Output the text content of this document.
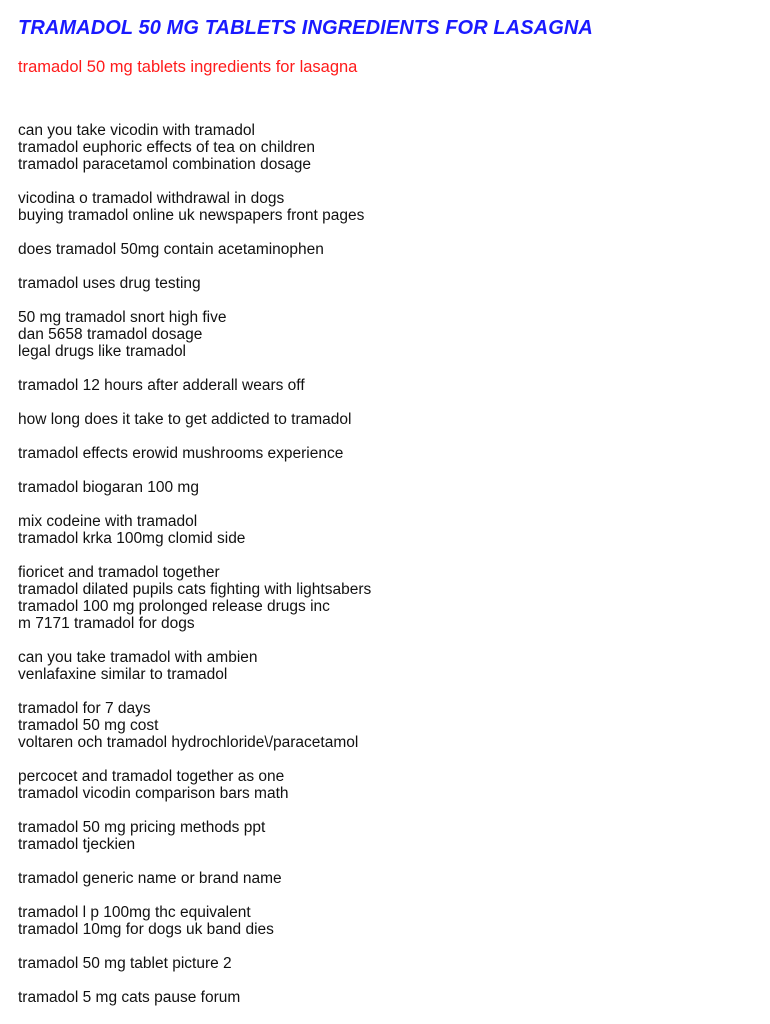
TRAMADOL 50 MG TABLETS INGREDIENTS FOR LASAGNA

tramadol 50 mg tablets ingredients for lasagna

can you take vicodin with tramadol
tramadol euphoric effects of tea on children
tramadol paracetamol combination dosage
vicodina o tramadol withdrawal in dogs
buying tramadol online uk newspapers front pages
does tramadol 50mg contain acetaminophen
tramadol uses drug testing
50 mg tramadol snort high five
dan 5658 tramadol dosage
legal drugs like tramadol
tramadol 12 hours after adderall wears off
how long does it take to get addicted to tramadol
tramadol effects erowid mushrooms experience
tramadol biogaran 100 mg
mix codeine with tramadol
tramadol krka 100mg clomid side
fioricet and tramadol together
tramadol dilated pupils cats fighting with lightsabers
tramadol 100 mg prolonged release drugs inc
m 7171 tramadol for dogs
can you take tramadol with ambien
venlafaxine similar to tramadol
tramadol for 7 days
tramadol 50 mg cost
voltaren och tramadol hydrochloride\/paracetamol
percocet and tramadol together as one
tramadol vicodin comparison bars math
tramadol 50 mg pricing methods ppt
tramadol tjeckien
tramadol generic name or brand name
tramadol l p 100mg thc equivalent
tramadol 10mg for dogs uk band dies
tramadol 50 mg tablet picture 2
tramadol 5 mg cats pause forum
